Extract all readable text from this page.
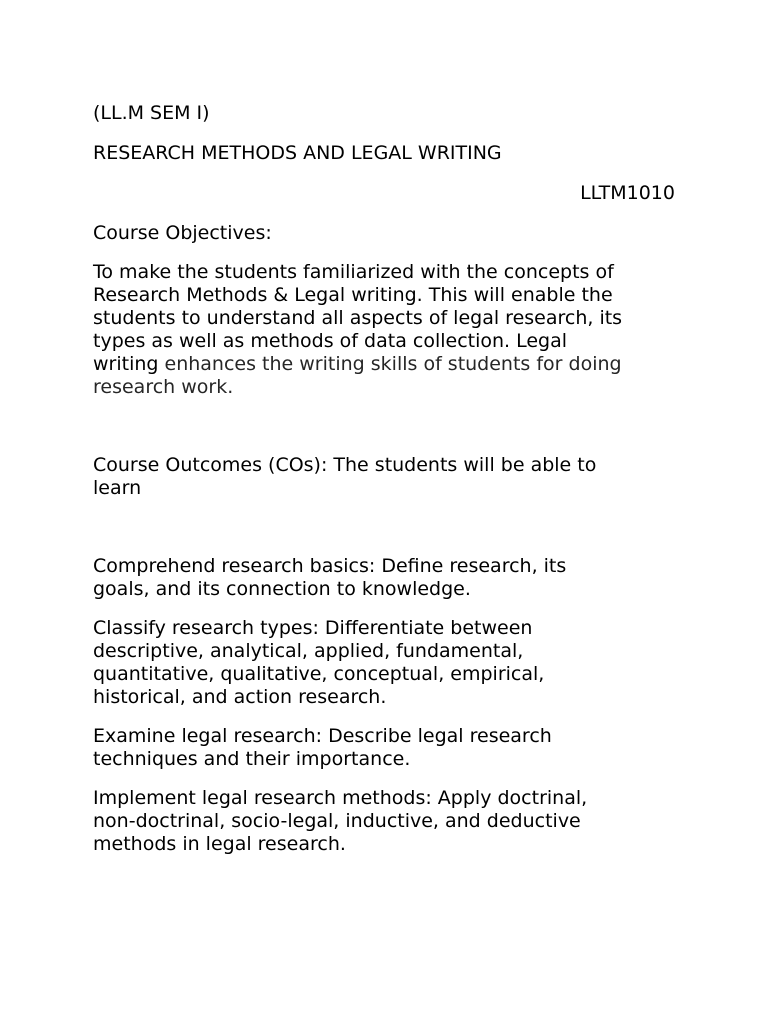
(LL.M SEM I)

RESEARCH METHODS AND LEGAL WRITING

LLTM1010

Course Objectives:

To make the students familiarized with the concepts of

Research Methods & Legal writing. This will enable the

students to understand all aspects of legal research, its

types as well as methods of data collection. Legal

writing enhances the writing skills of students for doing

research work.

Course Outcomes (COs): The students will be able to

learn

Comprehend research basics: Define research, its

goals, and its connection to knowledge.

Classify research types: Differentiate between

descriptive, analytical, applied, fundamental,

quantitative, qualitative, conceptual, empirical,

historical, and action research.

Examine legal research: Describe legal research

techniques and their importance.

Implement legal research methods: Apply doctrinal,

non-doctrinal, socio-legal, inductive, and deductive

methods in legal research.
